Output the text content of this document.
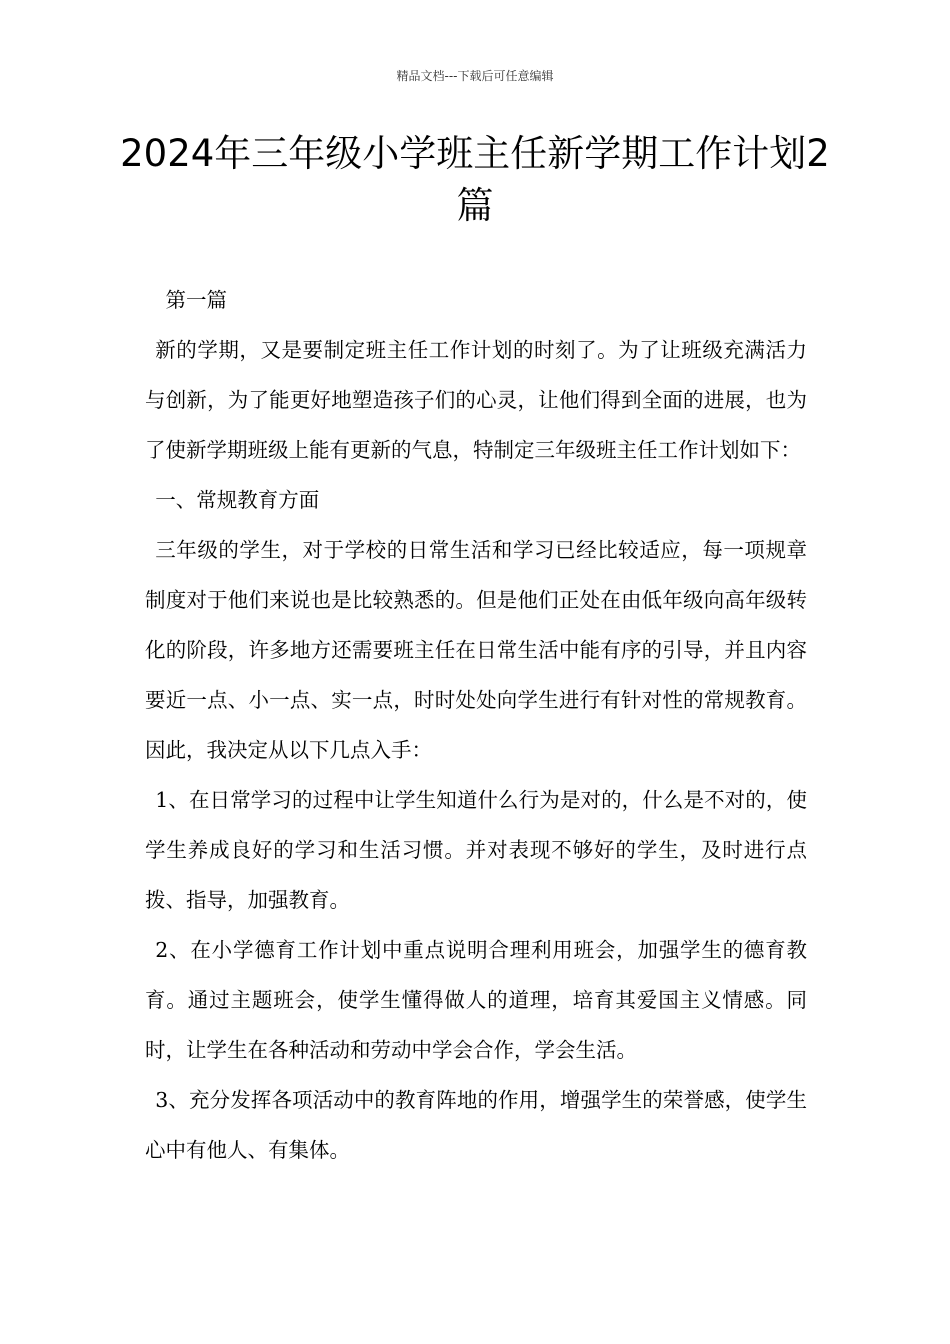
精品文档---下载后可任意编辑
2024年三年级小学班主任新学期工作计划2篇

第一篇

新的学期，又是要制定班主任工作计划的时刻了。为了让班级充满活力与创新，为了能更好地塑造孩子们的心灵，让他们得到全面的进展，也为了使新学期班级上能有更新的气息，特制定三年级班主任工作计划如下：

一、常规教育方面

三年级的学生，对于学校的日常生活和学习已经比较适应，每一项规章制度对于他们来说也是比较熟悉的。但是他们正处在由低年级向高年级转化的阶段，许多地方还需要班主任在日常生活中能有序的引导，并且内容要近一点、小一点、实一点，时时处处向学生进行有针对性的常规教育。因此，我决定从以下几点入手：

1、在日常学习的过程中让学生知道什么行为是对的，什么是不对的，使学生养成良好的学习和生活习惯。并对表现不够好的学生，及时进行点拨、指导，加强教育。

2、在小学德育工作计划中重点说明合理利用班会，加强学生的德育教育。通过主题班会，使学生懂得做人的道理，培育其爱国主义情感。同时，让学生在各种活动和劳动中学会合作，学会生活。

3、充分发挥各项活动中的教育阵地的作用，增强学生的荣誉感，使学生心中有他人、有集体。
